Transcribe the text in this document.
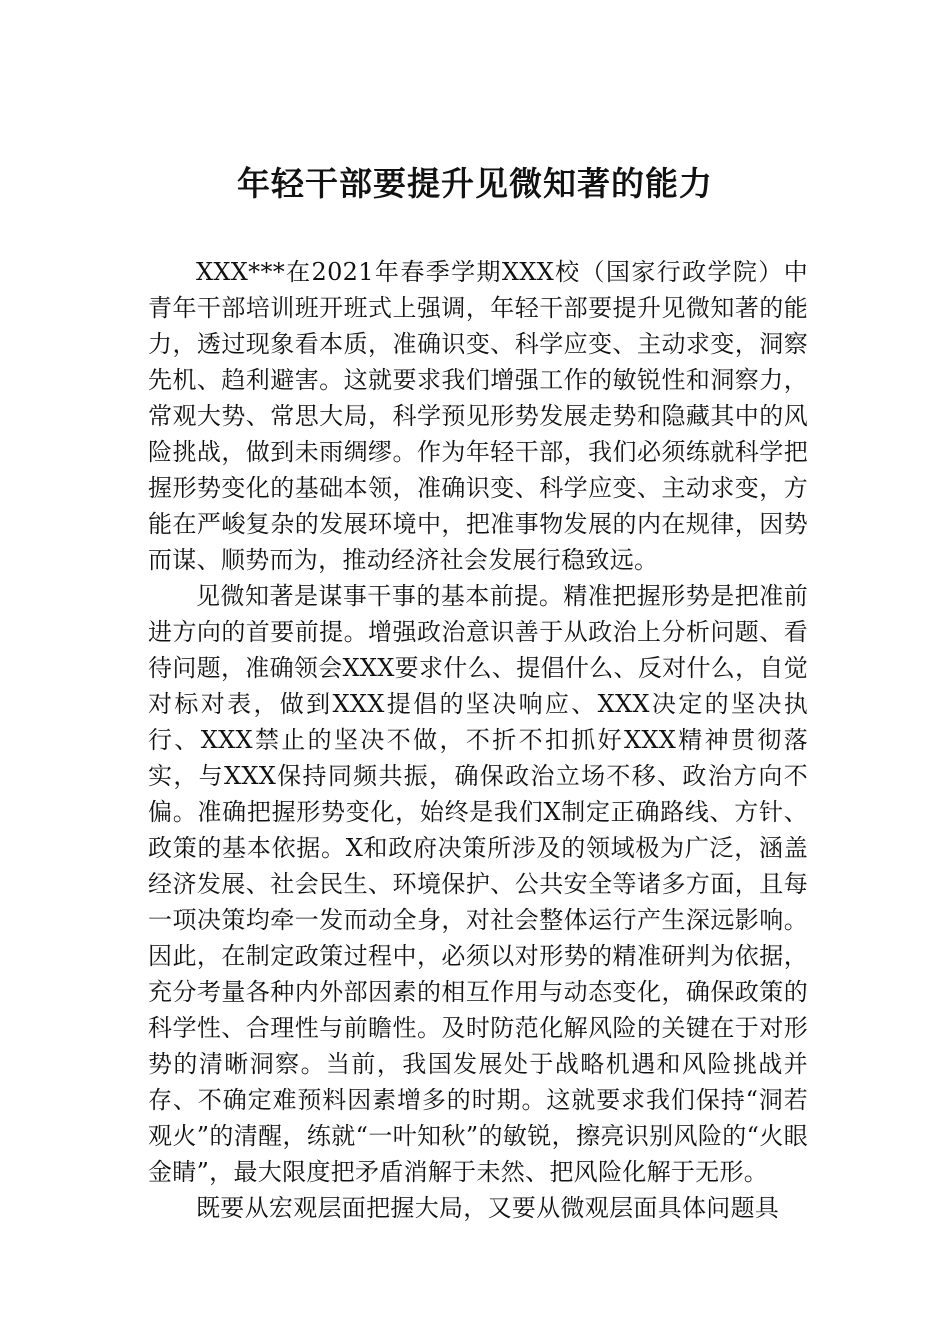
年轻干部要提升见微知著的能力

XXX***在2021年春季学期XXX校（国家行政学院）中青年干部培训班开班式上强调，年轻干部要提升见微知著的能力，透过现象看本质，准确识变、科学应变、主动求变，洞察先机、趋利避害。这就要求我们增强工作的敏锐性和洞察力，常观大势、常思大局，科学预见形势发展走势和隐藏其中的风险挑战，做到未雨绸缪。作为年轻干部，我们必须练就科学把握形势变化的基础本领，准确识变、科学应变、主动求变，方能在严峻复杂的发展环境中，把准事物发展的内在规律，因势而谋、顺势而为，推动经济社会发展行稳致远。

见微知著是谋事干事的基本前提。精准把握形势是把准前进方向的首要前提。增强政治意识善于从政治上分析问题、看待问题，准确领会XXX要求什么、提倡什么、反对什么，自觉对标对表，做到XXX提倡的坚决响应、XXX决定的坚决执行、XXX禁止的坚决不做，不折不扣抓好XXX精神贯彻落实，与XXX保持同频共振，确保政治立场不移、政治方向不偏。准确把握形势变化，始终是我们X制定正确路线、方针、政策的基本依据。X和政府决策所涉及的领域极为广泛，涵盖经济发展、社会民生、环境保护、公共安全等诸多方面，且每一项决策均牵一发而动全身，对社会整体运行产生深远影响。因此，在制定政策过程中，必须以对形势的精准研判为依据，充分考量各种内外部因素的相互作用与动态变化，确保政策的科学性、合理性与前瞻性。及时防范化解风险的关键在于对形势的清晰洞察。当前，我国发展处于战略机遇和风险挑战并存、不确定难预料因素增多的时期。这就要求我们保持“洞若观火”的清醒，练就“一叶知秋”的敏锐，擦亮识别风险的“火眼金睛”，最大限度把矛盾消解于未然、把风险化解于无形。

既要从宏观层面把握大局，又要从微观层面具体问题具
